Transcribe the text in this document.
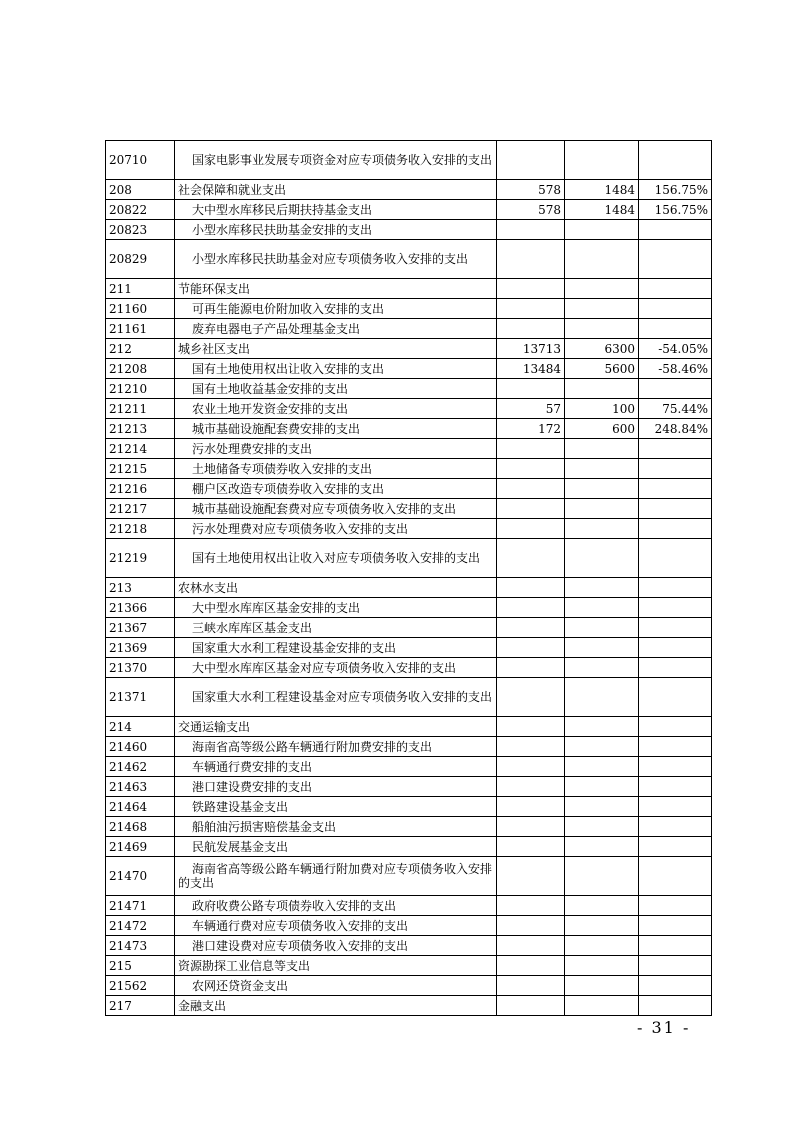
20710	国家电影事业发展专项资金对应专项债务收入安排的支出			
208	社会保障和就业支出	578	1484	156.75%
20822	大中型水库移民后期扶持基金支出	578	1484	156.75%
20823	小型水库移民扶助基金安排的支出			
20829	小型水库移民扶助基金对应专项债务收入安排的支出			
211	节能环保支出			
21160	可再生能源电价附加收入安排的支出			
21161	废弃电器电子产品处理基金支出			
212	城乡社区支出	13713	6300	-54.05%
21208	国有土地使用权出让收入安排的支出	13484	5600	-58.46%
21210	国有土地收益基金安排的支出			
21211	农业土地开发资金安排的支出	57	100	75.44%
21213	城市基础设施配套费安排的支出	172	600	248.84%
21214	污水处理费安排的支出			
21215	土地储备专项债券收入安排的支出			
21216	棚户区改造专项债券收入安排的支出			
21217	城市基础设施配套费对应专项债务收入安排的支出			
21218	污水处理费对应专项债务收入安排的支出			
21219	国有土地使用权出让收入对应专项债务收入安排的支出			
213	农林水支出			
21366	大中型水库库区基金安排的支出			
21367	三峡水库库区基金支出			
21369	国家重大水利工程建设基金安排的支出			
21370	大中型水库库区基金对应专项债务收入安排的支出			
21371	国家重大水利工程建设基金对应专项债务收入安排的支出			
214	交通运输支出			
21460	海南省高等级公路车辆通行附加费安排的支出			
21462	车辆通行费安排的支出			
21463	港口建设费安排的支出			
21464	铁路建设基金支出			
21468	船舶油污损害赔偿基金支出			
21469	民航发展基金支出			
21470	海南省高等级公路车辆通行附加费对应专项债务收入安排的支出			
21471	政府收费公路专项债券收入安排的支出			
21472	车辆通行费对应专项债务收入安排的支出			
21473	港口建设费对应专项债务收入安排的支出			
215	资源勘探工业信息等支出			
21562	农网还贷资金支出			
217	金融支出			
- 31 -
